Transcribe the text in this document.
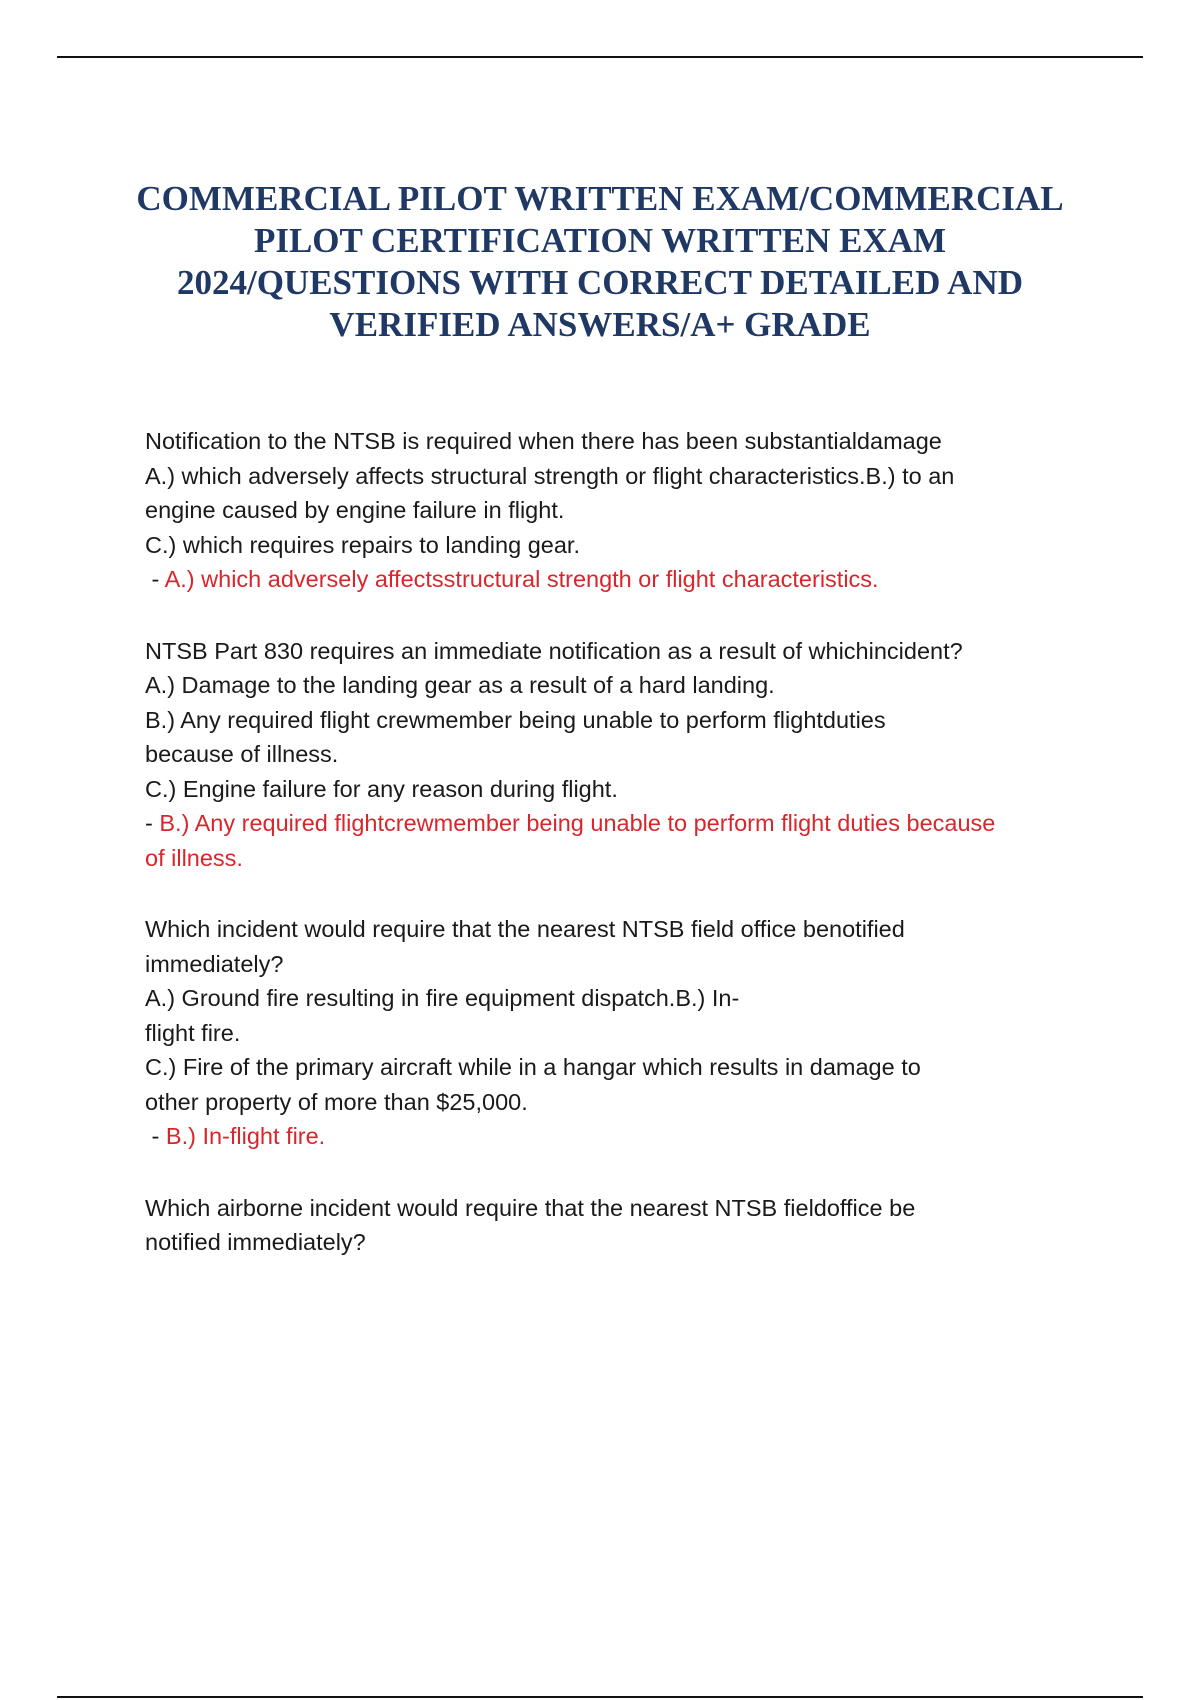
COMMERCIAL PILOT WRITTEN EXAM/COMMERCIAL
PILOT CERTIFICATION WRITTEN EXAM
2024/QUESTIONS WITH CORRECT DETAILED AND
VERIFIED ANSWERS/A+ GRADE
Notification to the NTSB is required when there has been substantialdamage
A.) which adversely affects structural strength or flight characteristics.B.) to an
engine caused by engine failure in flight.
C.) which requires repairs to landing gear.
- A.) which adversely affectsstructural strength or flight characteristics.
NTSB Part 830 requires an immediate notification as a result of whichincident?
A.) Damage to the landing gear as a result of a hard landing.
B.) Any required flight crewmember being unable to perform flightduties
because of illness.
C.) Engine failure for any reason during flight.
- B.) Any required flightcrewmember being unable to perform flight duties because
of illness.
Which incident would require that the nearest NTSB field office benotified
immediately?
A.) Ground fire resulting in fire equipment dispatch.B.) In-
flight fire.
C.) Fire of the primary aircraft while in a hangar which results in damage to
other property of more than $25,000.
- B.) In-flight fire.
Which airborne incident would require that the nearest NTSB fieldoffice be
notified immediately?
